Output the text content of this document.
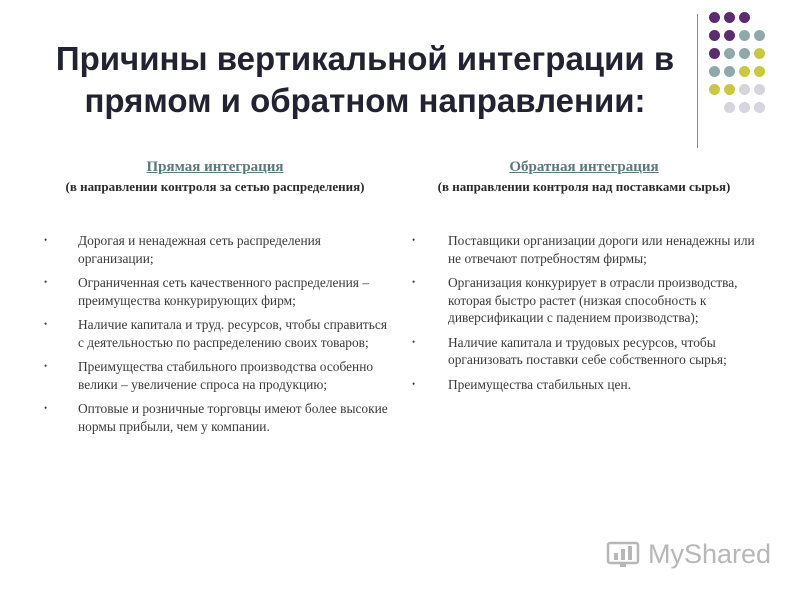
Причины вертикальной интеграции в прямом и обратном направлении:
Прямая интеграция
(в направлении контроля за сетью распределения)
• Дорогая и ненадежная сеть распределения организации;
• Ограниченная сеть качественного распределения – преимущества конкурирующих фирм;
• Наличие капитала и труд. ресурсов, чтобы справиться с деятельностью по распределению своих товаров;
• Преимущества стабильного производства особенно велики – увеличение спроса на продукцию;
• Оптовые и розничные торговцы имеют более высокие нормы прибыли, чем у компании.
Обратная интеграция
(в направлении контроля над поставками сырья)
• Поставщики организации дороги или ненадежны или не отвечают потребностям фирмы;
• Организация конкурирует в отрасли производства, которая быстро растет (низкая способность к диверсификации с падением производства);
• Наличие капитала и трудовых ресурсов, чтобы организовать поставки себе собственного сырья;
• Преимущества стабильных цен.
MyShared
